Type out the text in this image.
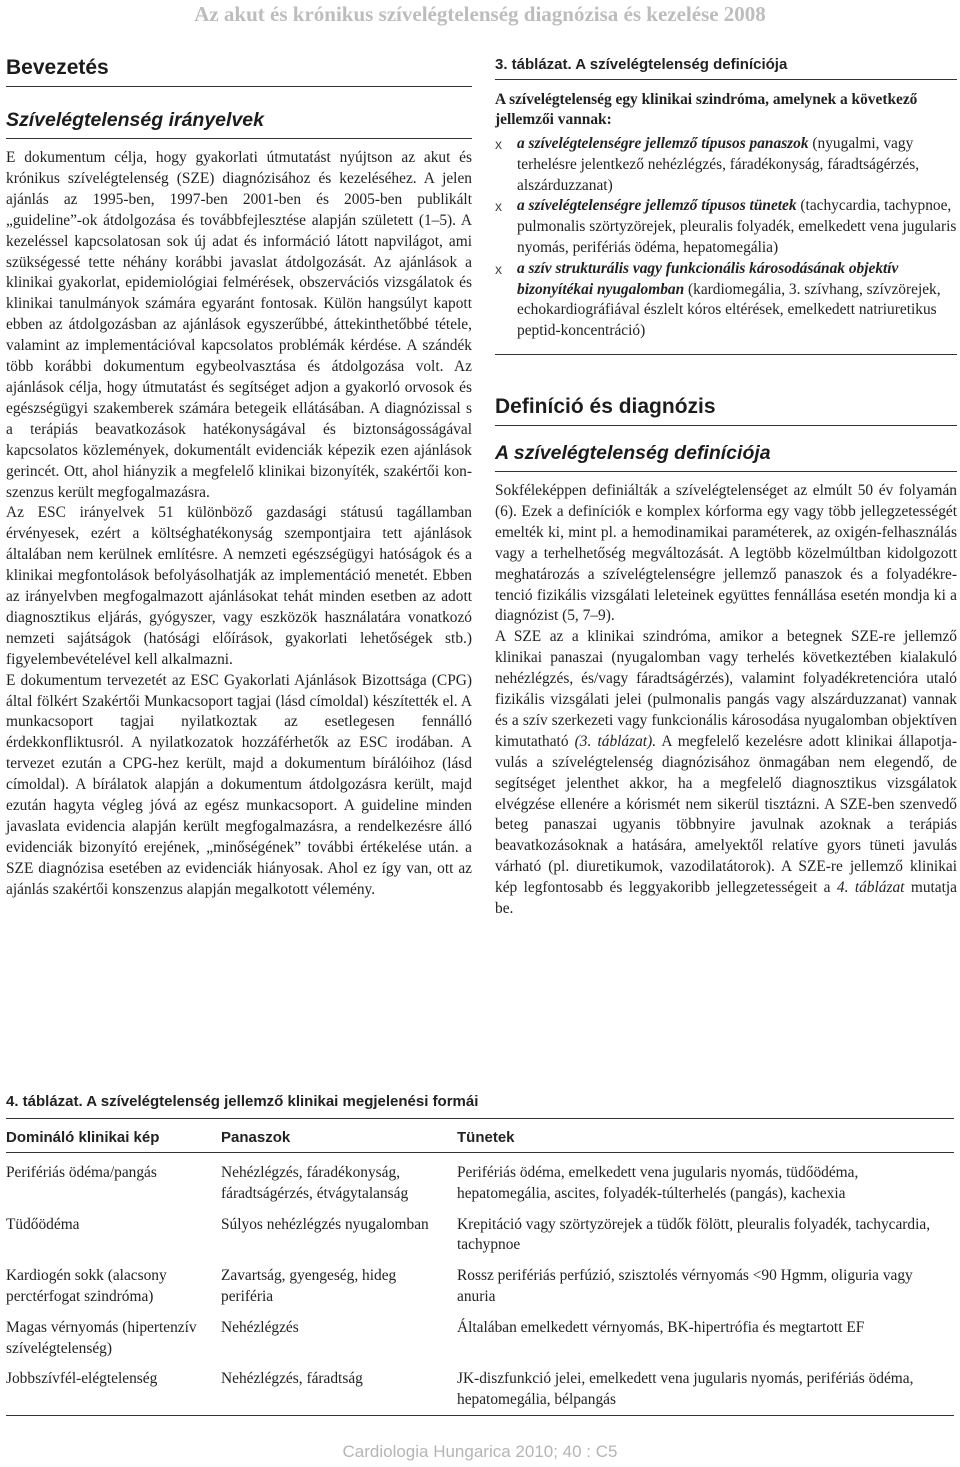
Az akut és krónikus szívelégtelenség diagnózisa és kezelése 2008
Bevezetés
Szívelégtelenség irányelvek

E dokumentum célja, hogy gyakorlati útmutatást nyújtson az akut és krónikus szívelégtelenség (SZE) diagnózisához és kezeléséhez. A jelen ajánlás az 1995-ben, 1997-ben 2001-ben és 2005-ben publikált „guideline”-ok átdolgozása és továbbfejlesztése alapján született (1–5). A kezeléssel kapcsolatosan sok új adat és információ látott napvilágot, ami szükségessé tette néhány korábbi javaslat átdolgozását. Az ajánlások a klinikai gyakorlat, epidemiológiai felmérések, obszervációs vizsgálatok és klinikai tanulmányok számára egyaránt fontosak. Külön hangsúlyt kapott ebben az átdolgozásban az ajánlások egyszerűbbé, áttekinthetőbbé tétele, valamint az implementációval kapcsolatos problémák kérdése. A szándék több korábbi dokumentum egybeolvasztása és átdolgozása volt. Az ajánlások célja, hogy útmutatást és segítséget adjon a gyakorló orvosok és egészségügyi szakemberek számára betegeik ellátásában. A diagnózissal s a terápiás beavatkozások hatékonyságával és biztonságosságával kapcsolatos közlemények, dokumentált evidenciák képezik ezen ajánlások gerincét. Ott, ahol hiányzik a megfelelő klinikai bizonyíték, szakértői konszenzus került megfogalmazásra.

Az ESC irányelvek 51 különböző gazdasági státusú tagállamban érvényesek, ezért a költséghatékonyság szempontjaira tett ajánlások általában nem kerülnek említésre. A nemzeti egészségügyi hatóságok és a klinikai megfontolások befolyásolhatják az implementáció menetét. Ebben az irányelvben megfogalmazott ajánlásokat tehát minden esetben az adott diagnosztikus eljárás, gyógyszer, vagy eszközök használatára vonatkozó nemzeti sajátságok (hatósági előírások, gyakorlati lehetőségek stb.) figyelembevételével kell alkalmazni.

E dokumentum tervezetét az ESC Gyakorlati Ajánlások Bizottsága (CPG) által fölkért Szakértői Munkacsoport tagjai (lásd címoldal) készítették el. A munkacsoport tagjai nyilatkoztak az esetlegesen fennálló érdekkonfliktusról. A nyilatkozatok hozzáférhetők az ESC irodában. A tervezet ezután a CPG-hez került, majd a dokumentum bírálóihoz (lásd címoldal). A bírálatok alapján a dokumentum átdolgozásra került, majd ezután hagyta végleg jóvá az egész munkacsoport. A guideline minden javaslata evidencia alapján került megfogalmazásra, a rendelkezésre álló evidenciák bizonyító erejének, „minőségének” további értékelése után. a SZE diagnózisa esetében az evidenciák hiányosak. Ahol ez így van, ott az ajánlás szakértői konszenzus alapján megalkotott vélemény.

3. táblázat. A szívelégtelenség definíciója

A szívelégtelenség egy klinikai szindróma, amelynek a következő jellemzői vannak:

x a szívelégtelenségre jellemző típusos panaszok (nyugalmi, vagy terhelésre jelentkező nehézlégzés, fáradékonyság, fáradtságérzés, alszárduzzanat)
x a szívelégtelenségre jellemző típusos tünetek (tachycardia, tachypnoe, pulmonalis szörtyzörejek, pleuralis folyadék, emelkedett vena jugularis nyomás, perifériás ödéma, hepatomegália)
x a szív strukturális vagy funkcionális károsodásának objektív bizonyítékai nyugalomban (kardiomegália, 3. szívhang, szívzörejek, echokardiográfiával észlelt kóros eltérések, emelkedett natriuretikus peptid-koncentráció)
Definíció és diagnózis
A szívelégtelenség definíciója

Sokféleképpen definiálták a szívelégtelenséget az elmúlt 50 év folyamán (6). Ezek a definíciók e komplex kórforma egy vagy több jellegzetességét emelték ki, mint pl. a hemodinamikai paraméterek, az oxigén-felhasználás vagy a terhelhetőség megváltozását. A legtöbb közelmúltban kidolgozott meghatározás a szívelégtelenségre jellemző panaszok és a folyadékretenció fizikális vizsgálati leleteinek együttes fennállása esetén mondja ki a diagnózist (5, 7–9).

A SZE az a klinikai szindróma, amikor a betegnek SZE-re jellemző klinikai panaszai (nyugalomban vagy terhelés következtében kialakuló nehézlégzés, és/vagy fáradtságérzés), valamint folyadékretencióra utaló fizikális vizsgálati jelei (pulmonalis pangás vagy alszárduzzanat) vannak és a szív szerkezeti vagy funkcionális károsodása nyugalomban objektíven kimutatható (3. táblázat). A megfelelő kezelésre adott klinikai állapotjavulás a szívelégtelenség diagnózisához önmagában nem elegendő, de segítséget jelenthet akkor, ha a megfelelő diagnosztikus vizsgálatok elvégzése ellenére a kórismét nem sikerül tisztázni. A SZE-ben szenvedő beteg panaszai ugyanis többnyire javulnak azoknak a terápiás beavatkozásoknak a hatására, amelyektől relatíve gyors tüneti javulás várható (pl. diuretikumok, vazodilatátorok). A SZE-re jellemző klinikai kép legfontosabb és leggyakoribb jellegzetességeit a 4. táblázat mutatja be.

4. táblázat. A szívelégtelenség jellemző klinikai megjelenési formái
Domináló klinikai kép	Panaszok	Tünetek
Perifériás ödéma/pangás	Nehézlégzés, fáradékonyság, fáradtságérzés, étvágytalanság	Perifériás ödéma, emelkedett vena jugularis nyomás, tüdőödéma, hepatomegália, ascites, folyadék-túlterhelés (pangás), kachexia
Tüdőödéma	Súlyos nehézlégzés nyugalomban	Krepitáció vagy szörtyzörejek a tüdők fölött, pleuralis folyadék, tachycardia, tachypnoe
Kardiogén sokk (alacsony perctérfogat szindróma)	Zavartság, gyengeség, hideg periféria	Rossz perifériás perfúzió, szisztolés vérnyomás <90 Hgmm, oliguria vagy anuria
Magas vérnyomás (hipertenzív szívelégtelenség)	Nehézlégzés	Általában emelkedett vérnyomás, BK-hipertrófia és megtartott EF
Jobbszívfél-elégtelenség	Nehézlégzés, fáradtság	JK-diszfunkció jelei, emelkedett vena jugularis nyomás, perifériás ödéma, hepatomegália, bélpangás
Cardiologia Hungarica 2010; 40 : C5
